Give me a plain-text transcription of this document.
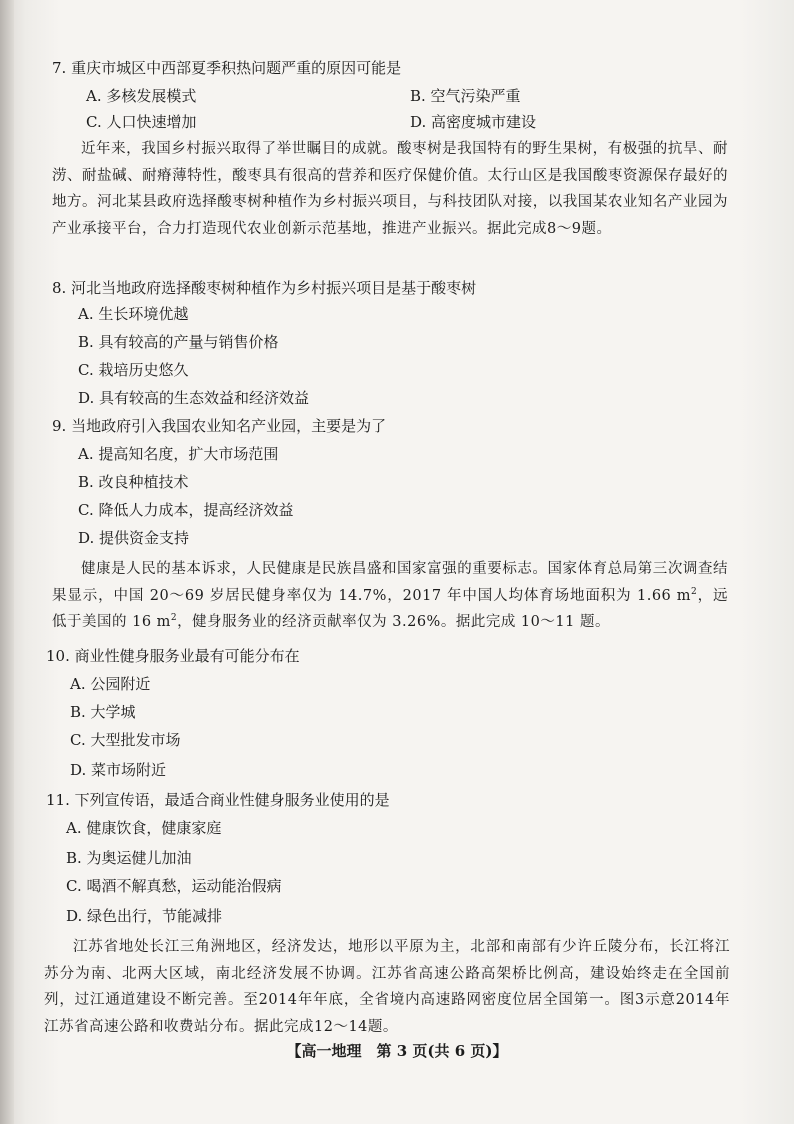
7. 重庆市城区中西部夏季积热问题严重的原因可能是
A. 多核发展模式	B. 空气污染严重
C. 人口快速增加	D. 高密度城市建设
近年来，我国乡村振兴取得了举世瞩目的成就。酸枣树是我国特有的野生果树，有极强的抗旱、耐涝、耐盐碱、耐瘠薄特性，酸枣具有很高的营养和医疗保健价值。太行山区是我国酸枣资源保存最好的地方。河北某县政府选择酸枣树种植作为乡村振兴项目，与科技团队对接，以我国某农业知名产业园为产业承接平台，合力打造现代农业创新示范基地，推进产业振兴。据此完成8～9题。
8. 河北当地政府选择酸枣树种植作为乡村振兴项目是基于酸枣树
A. 生长环境优越
B. 具有较高的产量与销售价格
C. 栽培历史悠久
D. 具有较高的生态效益和经济效益
9. 当地政府引入我国农业知名产业园，主要是为了
A. 提高知名度，扩大市场范围
B. 改良种植技术
C. 降低人力成本，提高经济效益
D. 提供资金支持
健康是人民的基本诉求，人民健康是民族昌盛和国家富强的重要标志。国家体育总局第三次调查结果显示，中国 20～69 岁居民健身率仅为 14.7%，2017 年中国人均体育场地面积为 1.66 $m^2$，远低于美国的 16 $m^2$，健身服务业的经济贡献率仅为 3.26%。据此完成 10～11 题。
10. 商业性健身服务业最有可能分布在
A. 公园附近
B. 大学城
C. 大型批发市场
D. 菜市场附近
11. 下列宣传语，最适合商业性健身服务业使用的是
A. 健康饮食，健康家庭
B. 为奥运健儿加油
C. 喝酒不解真愁，运动能治假病
D. 绿色出行，节能减排
江苏省地处长江三角洲地区，经济发达，地形以平原为主，北部和南部有少许丘陵分布，长江将江苏分为南、北两大区域，南北经济发展不协调。江苏省高速公路高架桥比例高，建设始终走在全国前列，过江通道建设不断完善。至2014年年底，全省境内高速路网密度位居全国第一。图3示意2014年江苏省高速公路和收费站分布。据此完成12～14题。
【高一地理　第 3 页(共 6 页)】
